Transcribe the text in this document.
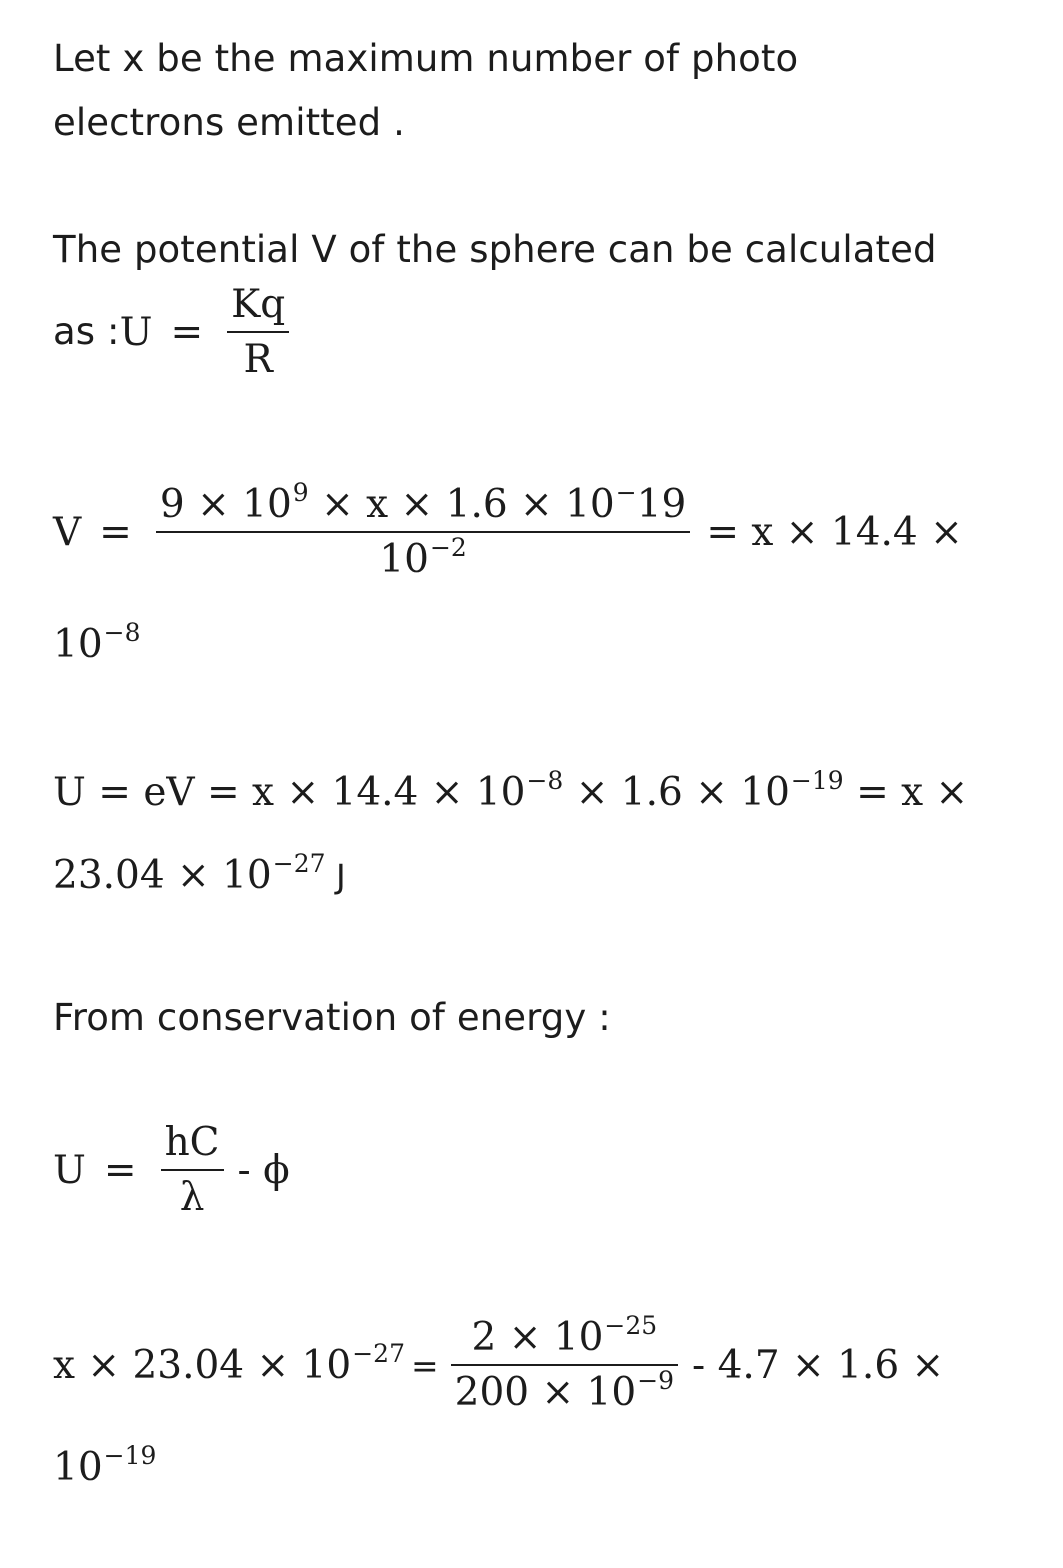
Let x be the maximum number of photo
electrons emitted .
The potential V of the sphere can be calculated
as : $U = \frac{Kq}{R}$
$V = \frac{9 \times 10^9 \times x \times 1.6 \times 10^-19}{10^{-2}} = x \times 14.4$ ×
$10^{-8}$
U = eV = $x \times 14.4 \times 10^{-8} \times 1.6 \times 10^{-19} = x$ ×
$23.04 \times 10^{-27}$ J
From conservation of energy :
$U = \frac{hC}{\lambda} - \phi$
$x \times 23.04 \times 10^{-27} = \frac{2 \times 10^{-25}}{200 \times 10^{-9}} - 4.7 \times 1.6$ ×
$10^{-19}$
